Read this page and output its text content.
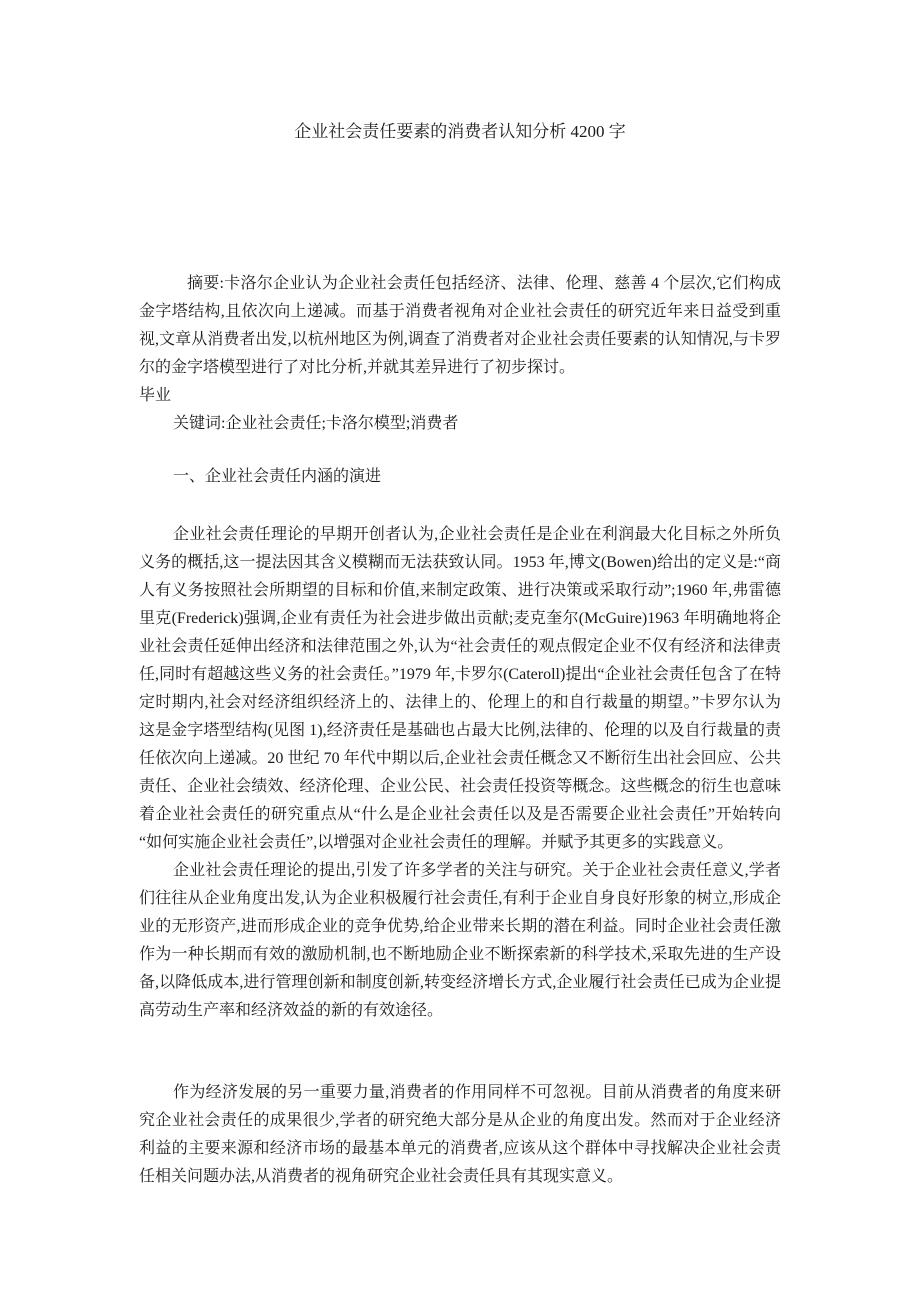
企业社会责任要素的消费者认知分析 4200 字

摘要:卡洛尔企业认为企业社会责任包括经济、法律、伦理、慈善 4 个层次,它们构成金字塔结构,且依次向上递减。而基于消费者视角对企业社会责任的研究近年来日益受到重视,文章从消费者出发,以杭州地区为例,调查了消费者对企业社会责任要素的认知情况,与卡罗尔的金字塔模型进行了对比分析,并就其差异进行了初步探讨。

毕业

关键词:企业社会责任;卡洛尔模型;消费者

一、企业社会责任内涵的演进

企业社会责任理论的早期开创者认为,企业社会责任是企业在利润最大化目标之外所负义务的概括,这一提法因其含义模糊而无法获致认同。1953 年,博文(Bowen)给出的定义是:“商人有义务按照社会所期望的目标和价值,来制定政策、进行决策或采取行动”;1960 年,弗雷德里克(Frederick)强调,企业有责任为社会进步做出贡献;麦克奎尔(McGuire)1963 年明确地将企业社会责任延伸出经济和法律范围之外,认为“社会责任的观点假定企业不仅有经济和法律责任,同时有超越这些义务的社会责任。”1979 年,卡罗尔(Cateroll)提出“企业社会责任包含了在特定时期内,社会对经济组织经济上的、法律上的、伦理上的和自行裁量的期望。”卡罗尔认为这是金字塔型结构(见图 1),经济责任是基础也占最大比例,法律的、伦理的以及自行裁量的责任依次向上递减。20 世纪 70 年代中期以后,企业社会责任概念又不断衍生出社会回应、公共责任、企业社会绩效、经济伦理、企业公民、社会责任投资等概念。这些概念的衍生也意味着企业社会责任的研究重点从“什么是企业社会责任以及是否需要企业社会责任”开始转向“如何实施企业社会责任”,以增强对企业社会责任的理解。并赋予其更多的实践意义。

企业社会责任理论的提出,引发了许多学者的关注与研究。关于企业社会责任意义,学者们往往从企业角度出发,认为企业积极履行社会责任,有利于企业自身良好形象的树立,形成企业的无形资产,进而形成企业的竞争优势,给企业带来长期的潜在利益。同时企业社会责任激作为一种长期而有效的激励机制,也不断地励企业不断探索新的科学技术,采取先进的生产设备,以降低成本,进行管理创新和制度创新,转变经济增长方式,企业履行社会责任已成为企业提高劳动生产率和经济效益的新的有效途径。

作为经济发展的另一重要力量,消费者的作用同样不可忽视。目前从消费者的角度来研究企业社会责任的成果很少,学者的研究绝大部分是从企业的角度出发。然而对于企业经济利益的主要来源和经济市场的最基本单元的消费者,应该从这个群体中寻找解决企业社会责任相关问题办法,从消费者的视角研究企业社会责任具有其现实意义。
